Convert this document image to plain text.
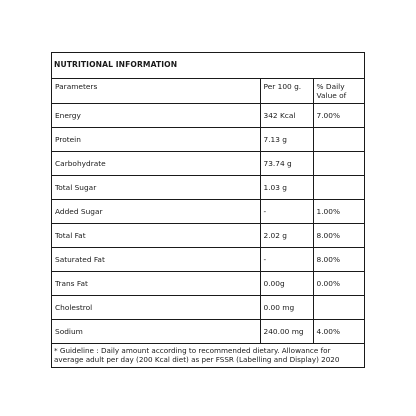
NUTRITIONAL INFORMATION
Parameters	Per 100 g.	% Daily Value of
Energy	342 Kcal	7.00%
Protein	7.13 g	
Carbohydrate	73.74 g	
Total Sugar	1.03 g	
Added Sugar	-	1.00%
Total Fat	2.02 g	8.00%
Saturated Fat	-	8.00%
Trans Fat	0.00g	0.00%
Cholestrol	0.00 mg	
Sodium	240.00 mg	4.00%
* Guideline : Daily amount according to recommended dietary. Allowance for average adult per day (200 Kcal diet) as per FSSR (Labelling and Display) 2020
